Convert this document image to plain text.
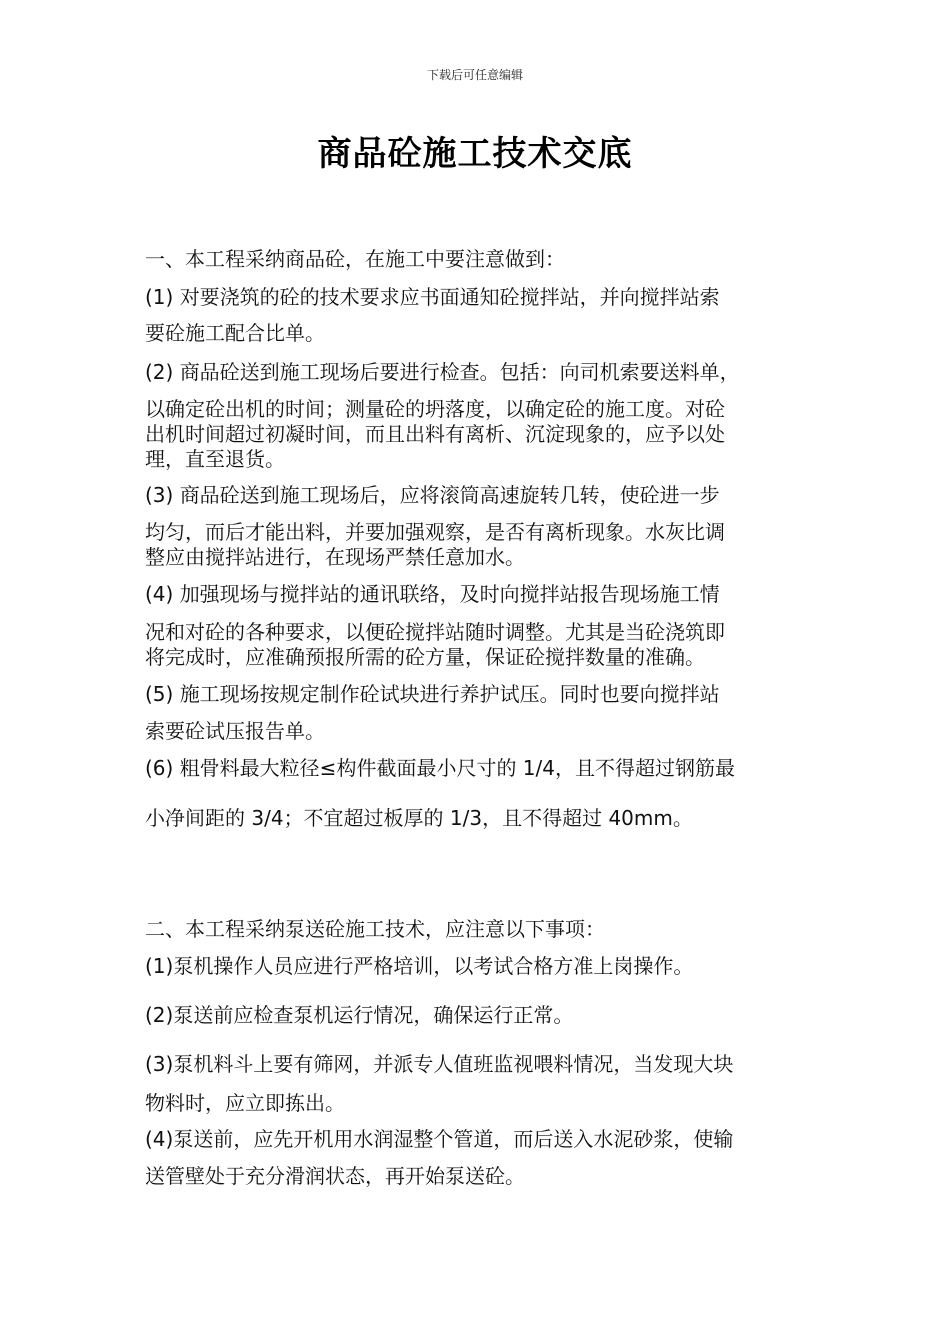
下载后可任意编辑
商品砼施工技术交底
一、本工程采纳商品砼，在施工中要注意做到：
(1) 对要浇筑的砼的技术要求应书面通知砼搅拌站，并向搅拌站索
要砼施工配合比单。
(2) 商品砼送到施工现场后要进行检查。包括：向司机索要送料单，
以确定砼出机的时间；测量砼的坍落度，以确定砼的施工度。对砼
出机时间超过初凝时间，而且出料有离析、沉淀现象的，应予以处
理，直至退货。
(3) 商品砼送到施工现场后，应将滚筒高速旋转几转，使砼进一步
均匀，而后才能出料，并要加强观察，是否有离析现象。水灰比调
整应由搅拌站进行，在现场严禁任意加水。
(4) 加强现场与搅拌站的通讯联络，及时向搅拌站报告现场施工情
况和对砼的各种要求，以便砼搅拌站随时调整。尤其是当砼浇筑即
将完成时，应准确预报所需的砼方量，保证砼搅拌数量的准确。
(5) 施工现场按规定制作砼试块进行养护试压。同时也要向搅拌站
索要砼试压报告单。
(6) 粗骨料最大粒径≤构件截面最小尺寸的 1/4，且不得超过钢筋最
小净间距的 3/4；不宜超过板厚的 1/3，且不得超过 40mm。
二、本工程采纳泵送砼施工技术，应注意以下事项：
(1)泵机操作人员应进行严格培训，以考试合格方准上岗操作。
(2)泵送前应检查泵机运行情况，确保运行正常。
(3)泵机料斗上要有筛网，并派专人值班监视喂料情况，当发现大块
物料时，应立即拣出。
(4)泵送前，应先开机用水润湿整个管道，而后送入水泥砂浆，使输
送管壁处于充分滑润状态，再开始泵送砼。
